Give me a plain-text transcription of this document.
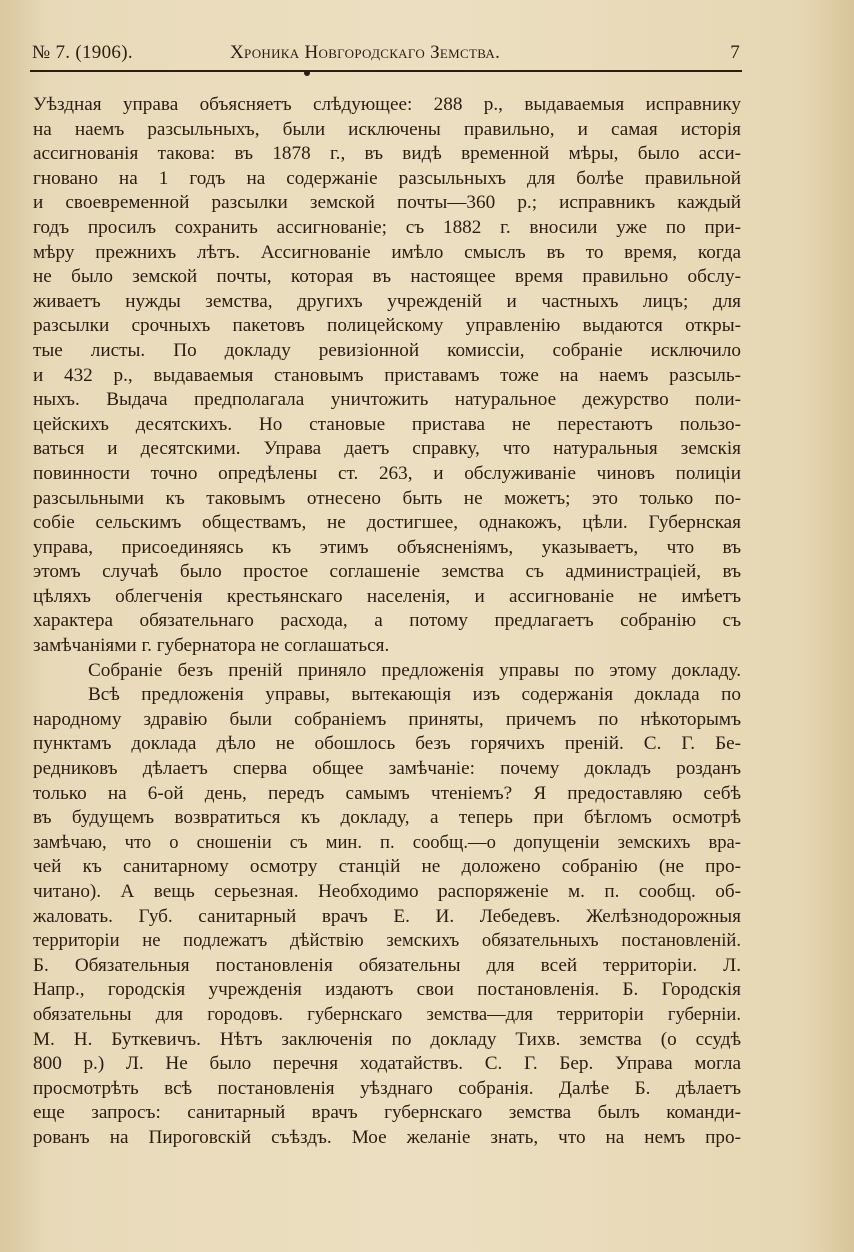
№ 7. (1906).	Хроника Новгородскаго Земства.	7
Уѣздная управа объясняетъ слѣдующее: 288 р., выдаваемыя исправнику
на наемъ разсыльныхъ, были исключены правильно, и самая исторія
ассигнованія такова: въ 1878 г., въ видѣ временной мѣры, было асси-
гновано на 1 годъ на содержаніе разсыльныхъ для болѣе правильной
и своевременной разсылки земской почты—360 р.; исправникъ каждый
годъ просилъ сохранить ассигнованіе; съ 1882 г. вносили уже по при-
мѣру прежнихъ лѣтъ. Ассигнованіе имѣло смыслъ въ то время, когда
не было земской почты, которая въ настоящее время правильно обслу-
живаетъ нужды земства, другихъ учрежденій и частныхъ лицъ; для
разсылки срочныхъ пакетовъ полицейскому управленію выдаются откры-
тые листы. По докладу ревизіонной комиссіи, собраніе исключило
и 432 р., выдаваемыя становымъ приставамъ тоже на наемъ разсыль-
ныхъ. Выдача предполагала уничтожить натуральное дежурство поли-
цейскихъ десятскихъ. Но становые пристава не перестаютъ пользо-
ваться и десятскими. Управа даетъ справку, что натуральныя земскія
повинности точно опредѣлены ст. 263, и обслуживаніе чиновъ полиціи
разсыльными къ таковымъ отнесено быть не можетъ; это только по-
собіе сельскимъ обществамъ, не достигшее, однакожъ, цѣли. Губернская
управа, присоединяясь къ этимъ объясненіямъ, указываетъ, что въ
этомъ случаѣ было простое соглашеніе земства съ администраціей, въ
цѣляхъ облегченія крестьянскаго населенія, и ассигнованіе не имѣетъ
характера обязательнаго расхода, а потому предлагаетъ собранію съ
замѣчаніями г. губернатора не соглашаться.
Собраніе безъ преній приняло предложенія управы по этому докладу.
Всѣ предложенія управы, вытекающія изъ содержанія доклада по
народному здравію были собраніемъ приняты, причемъ по нѣкоторымъ
пунктамъ доклада дѣло не обошлось безъ горячихъ преній. С. Г. Бе-
редниковъ дѣлаетъ сперва общее замѣчаніе: почему докладъ розданъ
только на 6-ой день, передъ самымъ чтеніемъ? Я предоставляю себѣ
въ будущемъ возвратиться къ докладу, а теперь при бѣгломъ осмотрѣ
замѣчаю, что о сношеніи съ мин. п. сообщ.—о допущеніи земскихъ вра-
чей къ санитарному осмотру станцій не доложено собранію (не про-
читано). А вещь серьезная. Необходимо распоряженіе м. п. сообщ. об-
жаловать. Губ. санитарный врачъ Е. И. Лебедевъ. Желѣзнодорожныя
территоріи не подлежатъ дѣйствію земскихъ обязательныхъ постановленій.
Б. Обязательныя постановленія обязательны для всей территоріи. Л.
Напр., городскія учрежденія издаютъ свои постановленія. Б. Городскія
обязательны для городовъ. губернскаго земства—для территоріи губерніи.
М. Н. Буткевичъ. Нѣтъ заключенія по докладу Тихв. земства (о ссудѣ
800 р.) Л. Не было перечня ходатайствъ. С. Г. Бер. Управа могла
просмотрѣть всѣ постановленія уѣзднаго собранія. Далѣе Б. дѣлаетъ
еще запросъ: санитарный врачъ губернскаго земства былъ команди-
рованъ на Пироговскій съѣздъ. Мое желаніе знать, что на немъ про-
